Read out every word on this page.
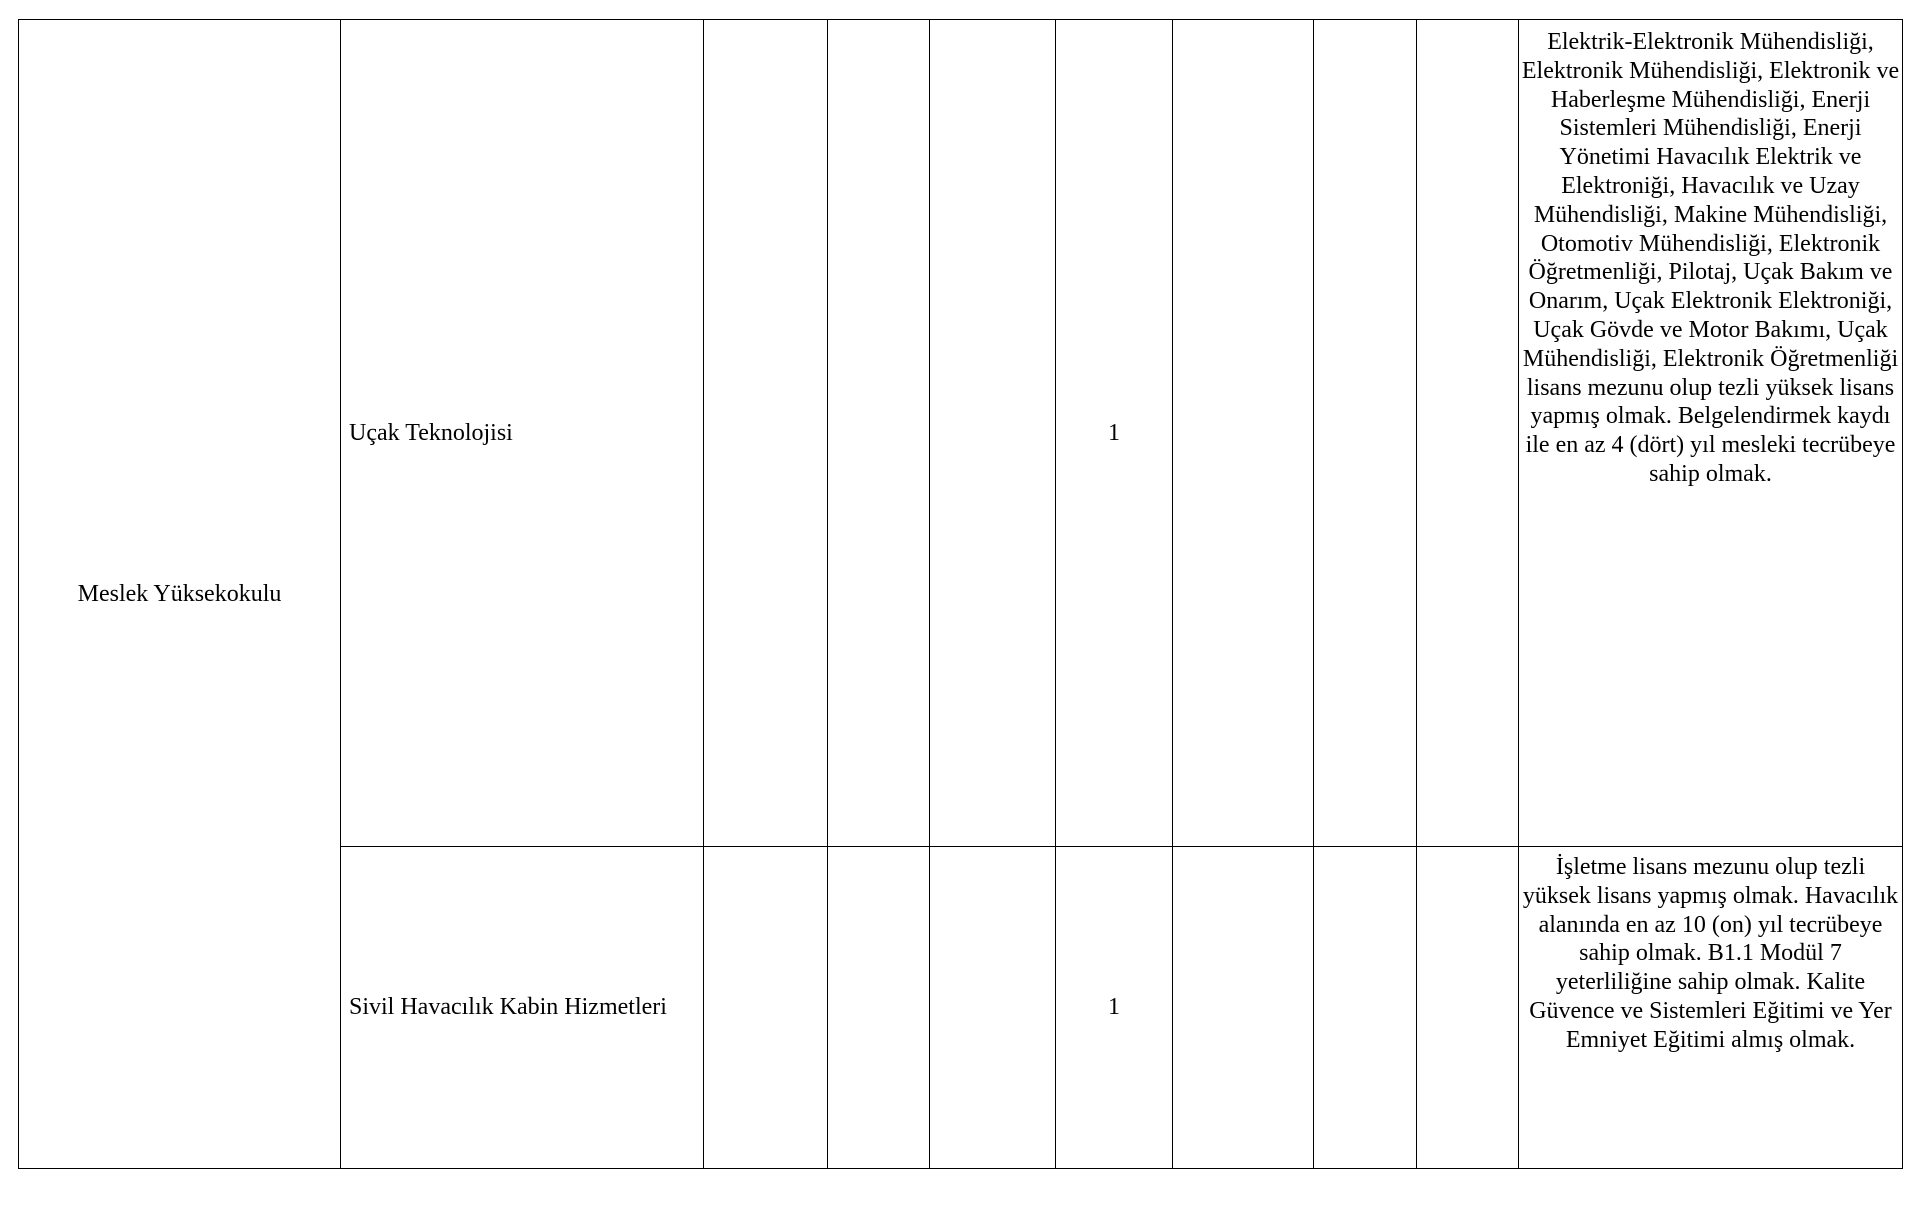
Meslek Yüksekokulu	Uçak Teknolojisi				1				Elektrik-Elektronik Mühendisliği, Elektronik Mühendisliği, Elektronik ve Haberleşme Mühendisliği, Enerji Sistemleri Mühendisliği, Enerji Yönetimi Havacılık Elektrik ve Elektroniği, Havacılık ve Uzay Mühendisliği, Makine Mühendisliği, Otomotiv Mühendisliği, Elektronik Öğretmenliği, Pilotaj, Uçak Bakım ve Onarım, Uçak Elektronik Elektroniği, Uçak Gövde ve Motor Bakımı, Uçak Mühendisliği, Elektronik Öğretmenliği lisans mezunu olup tezli yüksek lisans yapmış olmak. Belgelendirmek kaydı ile en az 4 (dört) yıl mesleki tecrübeye sahip olmak.
	Sivil Havacılık Kabin Hizmetleri				1				İşletme lisans mezunu olup tezli yüksek lisans yapmış olmak. Havacılık alanında en az 10 (on) yıl tecrübeye sahip olmak. B1.1 Modül 7 yeterliliğine sahip olmak. Kalite Güvence ve Sistemleri Eğitimi ve Yer Emniyet Eğitimi almış olmak.
